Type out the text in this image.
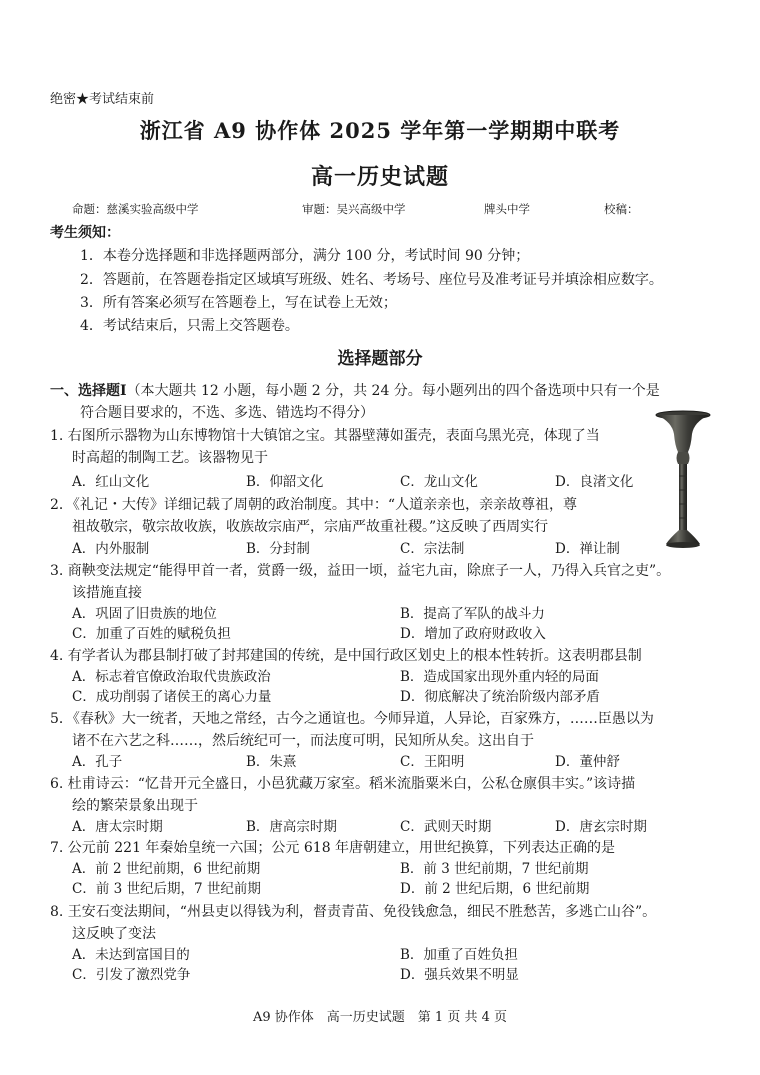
绝密★考试结束前
浙江省 A9 协作体 2025 学年第一学期期中联考
高一历史试题
命题：慈溪实验高级中学	审题：吴兴高级中学	牌头中学	校稿：
考生须知：
1．本卷分选择题和非选择题两部分，满分 100 分，考试时间 90 分钟；
2．答题前，在答题卷指定区域填写班级、姓名、考场号、座位号及准考证号并填涂相应数字。
3．所有答案必须写在答题卷上，写在试卷上无效；
4．考试结束后，只需上交答题卷。
选择题部分
一、选择题Ⅰ（本大题共 12 小题，每小题 2 分，共 24 分。每小题列出的四个备选项中只有一个是
符合题目要求的，不选、多选、错选均不得分）
1. 右图所示器物为山东博物馆十大镇馆之宝。其器壁薄如蛋壳，表面乌黑光亮，体现了当
时高超的制陶工艺。该器物见于
A．红山文化	B．仰韶文化	C．龙山文化	D．良渚文化
2．《礼记・大传》详细记载了周朝的政治制度。其中：“人道亲亲也，亲亲故尊祖，尊
祖故敬宗，敬宗故收族，收族故宗庙严，宗庙严故重社稷。”这反映了西周实行
A．内外服制	B．分封制	C．宗法制	D．禅让制
3. 商鞅变法规定“能得甲首一者，赏爵一级，益田一顷，益宅九亩，除庶子一人，乃得入兵官之吏”。
该措施直接
A．巩固了旧贵族的地位	B．提高了军队的战斗力
C．加重了百姓的赋税负担	D．增加了政府财政收入
4. 有学者认为郡县制打破了封邦建国的传统，是中国行政区划史上的根本性转折。这表明郡县制
A．标志着官僚政治取代贵族政治	B．造成国家出现外重内轻的局面
C．成功削弱了诸侯王的离心力量	D．彻底解决了统治阶级内部矛盾
5．《春秋》大一统者，天地之常经，古今之通谊也。今师异道，人异论，百家殊方，……臣愚以为
诸不在六艺之科……，然后统纪可一，而法度可明，民知所从矣。这出自于
A．孔子	B．朱熹	C．王阳明	D．董仲舒
6. 杜甫诗云：“忆昔开元全盛日，小邑犹藏万家室。稻米流脂粟米白，公私仓廪俱丰实。”该诗描
绘的繁荣景象出现于
A．唐太宗时期	B．唐高宗时期	C．武则天时期	D．唐玄宗时期
7. 公元前 221 年秦始皇统一六国；公元 618 年唐朝建立，用世纪换算，下列表达正确的是
A．前 2 世纪前期，6 世纪前期	B．前 3 世纪前期，7 世纪前期
C．前 3 世纪后期，7 世纪前期	D．前 2 世纪后期，6 世纪前期
8. 王安石变法期间，“州县吏以得钱为利，督责青苗、免役钱愈急，细民不胜愁苦，多逃亡山谷”。
这反映了变法
A．未达到富国目的	B．加重了百姓负担
C．引发了激烈党争	D．强兵效果不明显
A9 协作体　高一历史试题　第 1 页 共 4 页
